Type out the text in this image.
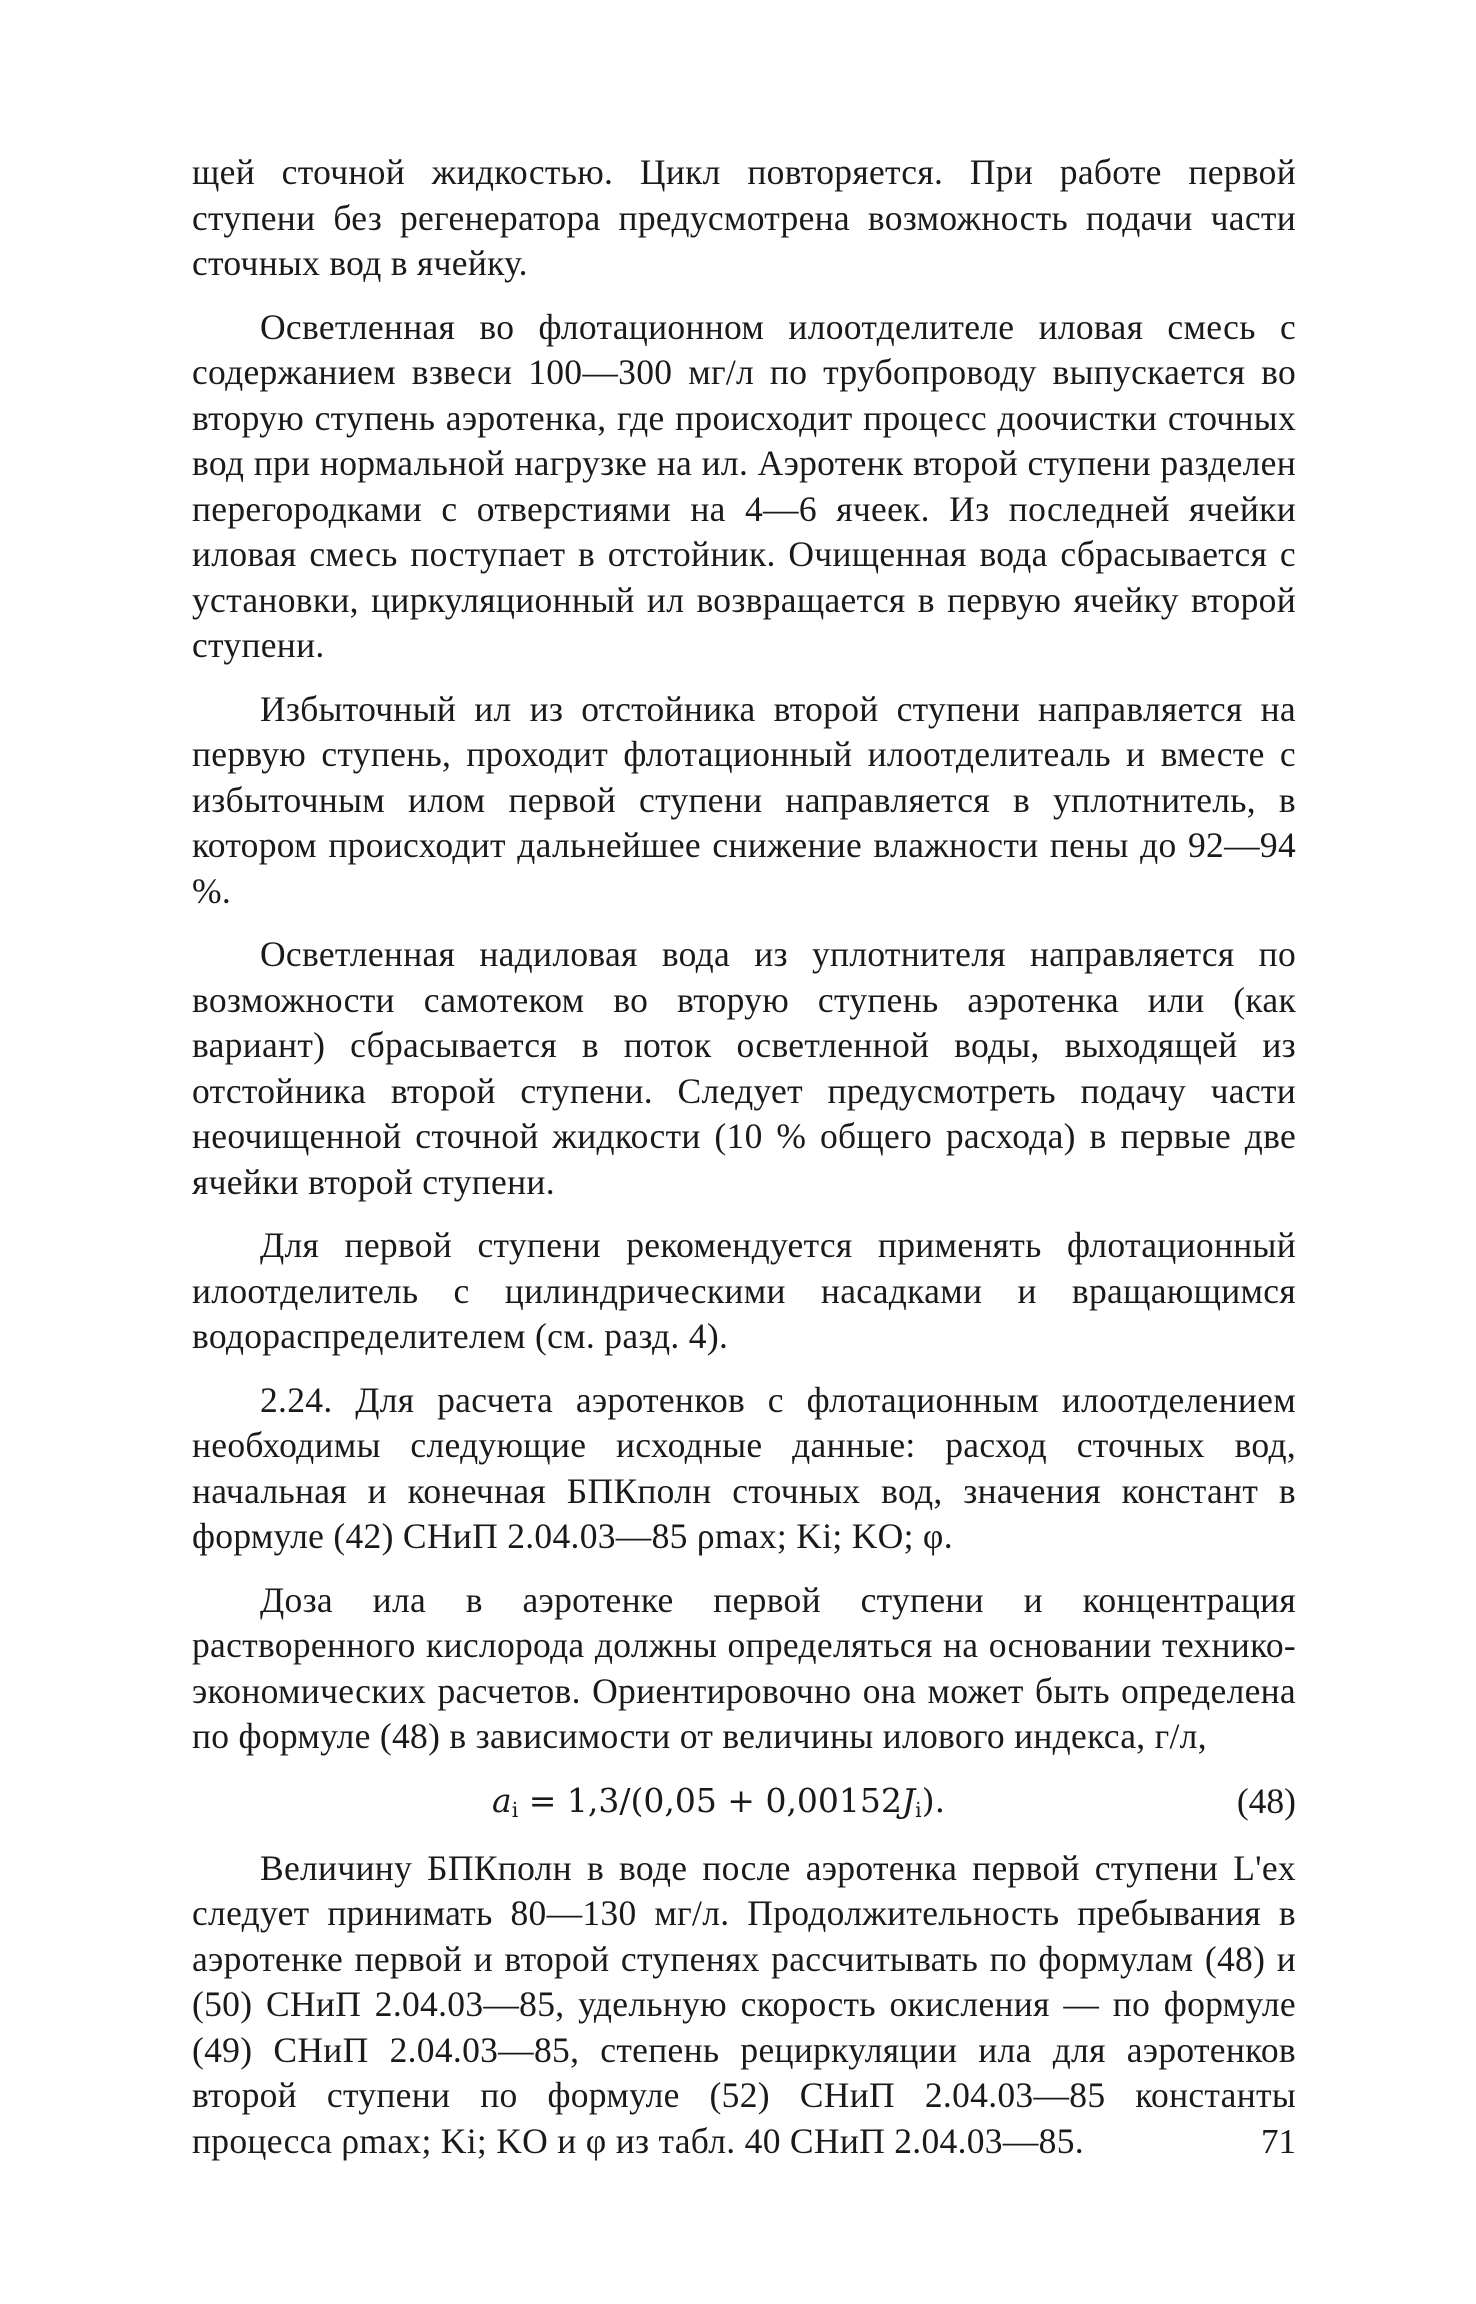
щей сточной жидкостью. Цикл повторяется. При работе первой ступени без регенератора предусмотрена возможность подачи части сточных вод в ячейку.

Осветленная во флотационном илоотделителе иловая смесь с содержанием взвеси 100—300 мг/л по трубопроводу выпускается во вторую ступень аэротенка, где происходит процесс доочистки сточных вод при нормальной нагрузке на ил. Аэротенк второй ступени разделен перегородками с отверстиями на 4—6 ячеек. Из последней ячейки иловая смесь поступает в отстойник. Очищенная вода сбрасывается с установки, циркуляционный ил возвращается в первую ячейку второй ступени.

Избыточный ил из отстойника второй ступени направляется на первую ступень, проходит флотационный илоотделитеаль и вместе с избыточным илом первой ступени направляется в уплотнитель, в котором происходит дальнейшее снижение влажности пены до 92—94 %.

Осветленная надиловая вода из уплотнителя направляется по возможности самотеком во вторую ступень аэротенка или (как вариант) сбрасывается в поток осветленной воды, выходящей из отстойника второй ступени. Следует предусмотреть подачу части неочищенной сточной жидкости (10 % общего расхода) в первые две ячейки второй ступени.

Для первой ступени рекомендуется применять флотационный илоотделитель с цилиндрическими насадками и вращающимся водораспределителем (см. разд. 4).

2.24. Для расчета аэротенков с флотационным илоотделением необходимы следующие исходные данные: расход сточных вод, начальная и конечная БПКполн сточных вод, значения констант в формуле (42) СНиП 2.04.03—85 ρmax; Ki; KO; φ.

Доза ила в аэротенке первой ступени и концентрация растворенного кислорода должны определяться на основании технико-экономических расчетов. Ориентировочно она может быть определена по формуле (48) в зависимости от величины илового индекса, г/л,

$a_i = 1,3/(0,05 + 0,00152J_i)$.	(48)

Величину БПКполн в воде после аэротенка первой ступени L'ex следует принимать 80—130 мг/л. Продолжительность пребывания в аэротенке первой и второй ступенях рассчитывать по формулам (48) и (50) СНиП 2.04.03—85, удельную скорость окисления — по формуле (49) СНиП 2.04.03—85, степень рециркуляции ила для аэротенков второй ступени по формуле (52) СНиП 2.04.03—85 константы процесса ρmax; Ki; KO и φ из табл. 40 СНиП 2.04.03—85.	71
